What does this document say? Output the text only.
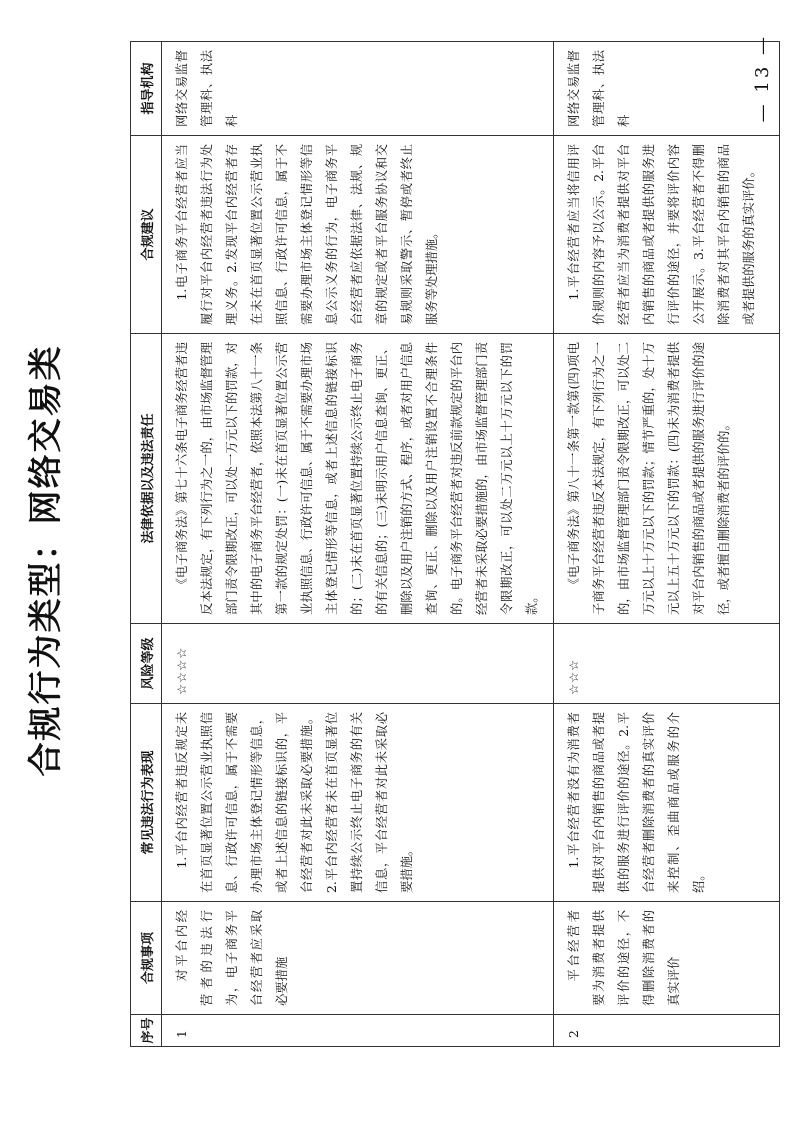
合规行为类型：网络交易类
序号	合规事项	常见违法行为表现	风险等级	法律依据以及违法责任	合规建议	指导机构
1	对平台内经营者的违法行为，电子商务平台经营者应采取必要措施	1.平台内经营者违反规定未在首页显著位置公示营业执照信息、行政许可信息，属于不需要办理市场主体登记情形等信息，或者上述信息的链接标识的，平台经营者对此未采取必要措施。2.平台内经营者未在首页显著位置持续公示终止电子商务的有关信息，平台经营者对此未采取必要措施。	☆☆☆☆	《电子商务法》第七十六条电子商务经营者违反本法规定，有下列行为之一的，由市场监督管理部门责令限期改正，可以处一万元以下的罚款，对其中的电子商务平台经营者，依照本法第八十一条第一款的规定处罚：(一)未在首页显著位置公示营业执照信息、行政许可信息、属于不需要办理市场主体登记情形等信息，或者上述信息的链接标识的；(二)未在首页显著位置持续公示终止电子商务的有关信息的；(三)未明示用户信息查询、更正、删除以及用户注销的方式、程序，或者对用户信息查询、更正、删除以及用户注销设置不合理条件的。电子商务平台经营者对违反前款规定的平台内经营者未采取必要措施的，由市场监督管理部门责令限期改正，可以处二万元以上十万元以下的罚款。	1.电子商务平台经营者应当履行对平台内经营者违法行为处理义务。2.发现平台内经营者存在未在首页显著位置公示营业执照信息、行政许可信息，属于不需要办理市场主体登记情形等信息公示义务的行为，电子商务平台经营者应依据法律、法规、规章的规定或者平台服务协议和交易规则采取警示、暂停或者终止服务等处理措施。	网络交易监督管理科、执法科
2	平台经营者要为消费者提供评价的途径，不得删除消费者的真实评价	1.平台经营者没有为消费者提供对平台内销售的商品或者提供的服务进行评价的途径。2.平台经营者删除消费者的真实评价来控制、歪曲商品或服务的介绍。	☆☆☆	《电子商务法》第八十一条第一款第(四)项电子商务平台经营者违反本法规定，有下列行为之一的，由市场监督管理部门责令限期改正，可以处二万元以上十万元以下的罚款；情节严重的，处十万元以上五十万元以下的罚款：(四)未为消费者提供对平台内销售的商品或者提供的服务进行评价的途径，或者擅自删除消费者的评价的。	1.平台经营者应当将信用评价规则的内容予以公示。2.平台经营者应当为消费者提供对平台内销售的商品或者提供的服务进行评价的途径，并要将评价内容公开展示。3.平台经营者不得删除消费者对其平台内销售的商品或者提供的服务的真实评价。	网络交易监督管理科、执法科	— 13 —
